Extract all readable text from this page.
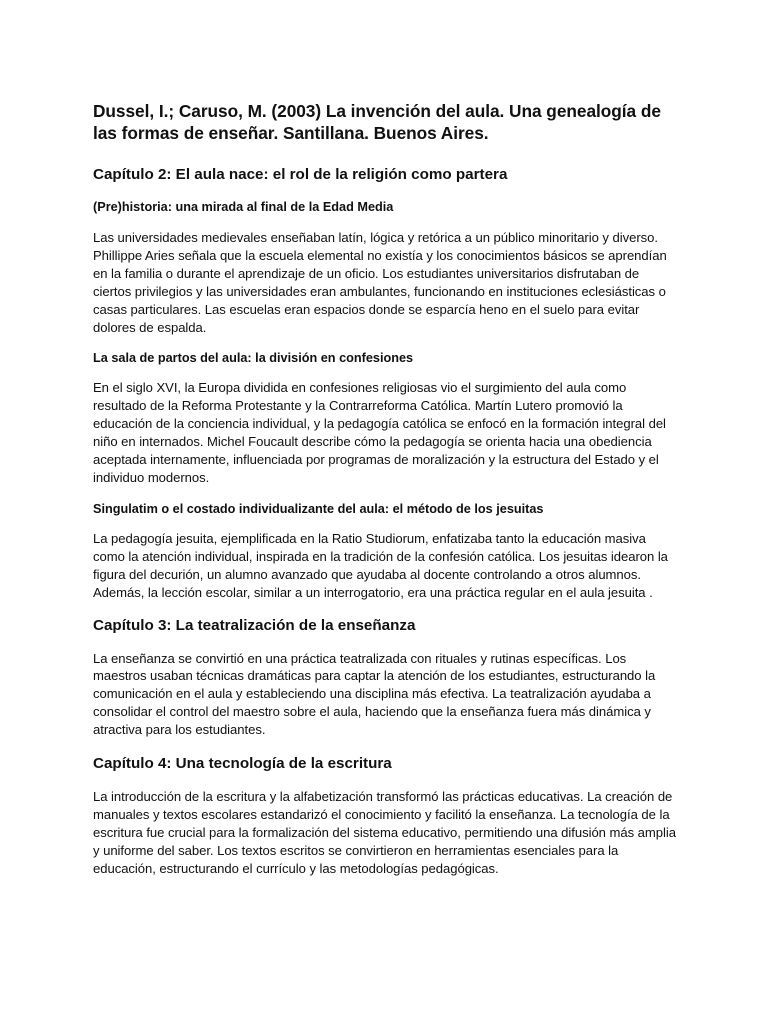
Dussel, I.; Caruso, M. (2003) La invención del aula. Una genealogía de las formas de enseñar. Santillana. Buenos Aires.
Capítulo 2: El aula nace: el rol de la religión como partera
(Pre)historia: una mirada al final de la Edad Media

Las universidades medievales enseñaban latín, lógica y retórica a un público minoritario y diverso. Phillippe Aries señala que la escuela elemental no existía y los conocimientos básicos se aprendían en la familia o durante el aprendizaje de un oficio. Los estudiantes universitarios disfrutaban de ciertos privilegios y las universidades eran ambulantes, funcionando en instituciones eclesiásticas o casas particulares. Las escuelas eran espacios donde se esparcía heno en el suelo para evitar dolores de espalda.

La sala de partos del aula: la división en confesiones

En el siglo XVI, la Europa dividida en confesiones religiosas vio el surgimiento del aula como resultado de la Reforma Protestante y la Contrarreforma Católica. Martín Lutero promovió la educación de la conciencia individual, y la pedagogía católica se enfocó en la formación integral del niño en internados. Michel Foucault describe cómo la pedagogía se orienta hacia una obediencia aceptada internamente, influenciada por programas de moralización y la estructura del Estado y el individuo modernos.

Singulatim o el costado individualizante del aula: el método de los jesuitas

La pedagogía jesuita, ejemplificada en la Ratio Studiorum, enfatizaba tanto la educación masiva como la atención individual, inspirada en la tradición de la confesión católica. Los jesuitas idearon la figura del decurión, un alumno avanzado que ayudaba al docente controlando a otros alumnos. Además, la lección escolar, similar a un interrogatorio, era una práctica regular en el aula jesuita .

Capítulo 3: La teatralización de la enseñanza

La enseñanza se convirtió en una práctica teatralizada con rituales y rutinas específicas. Los maestros usaban técnicas dramáticas para captar la atención de los estudiantes, estructurando la comunicación en el aula y estableciendo una disciplina más efectiva. La teatralización ayudaba a consolidar el control del maestro sobre el aula, haciendo que la enseñanza fuera más dinámica y atractiva para los estudiantes.

Capítulo 4: Una tecnología de la escritura

La introducción de la escritura y la alfabetización transformó las prácticas educativas. La creación de manuales y textos escolares estandarizó el conocimiento y facilitó la enseñanza. La tecnología de la escritura fue crucial para la formalización del sistema educativo, permitiendo una difusión más amplia y uniforme del saber. Los textos escritos se convirtieron en herramientas esenciales para la educación, estructurando el currículo y las metodologías pedagógicas.
